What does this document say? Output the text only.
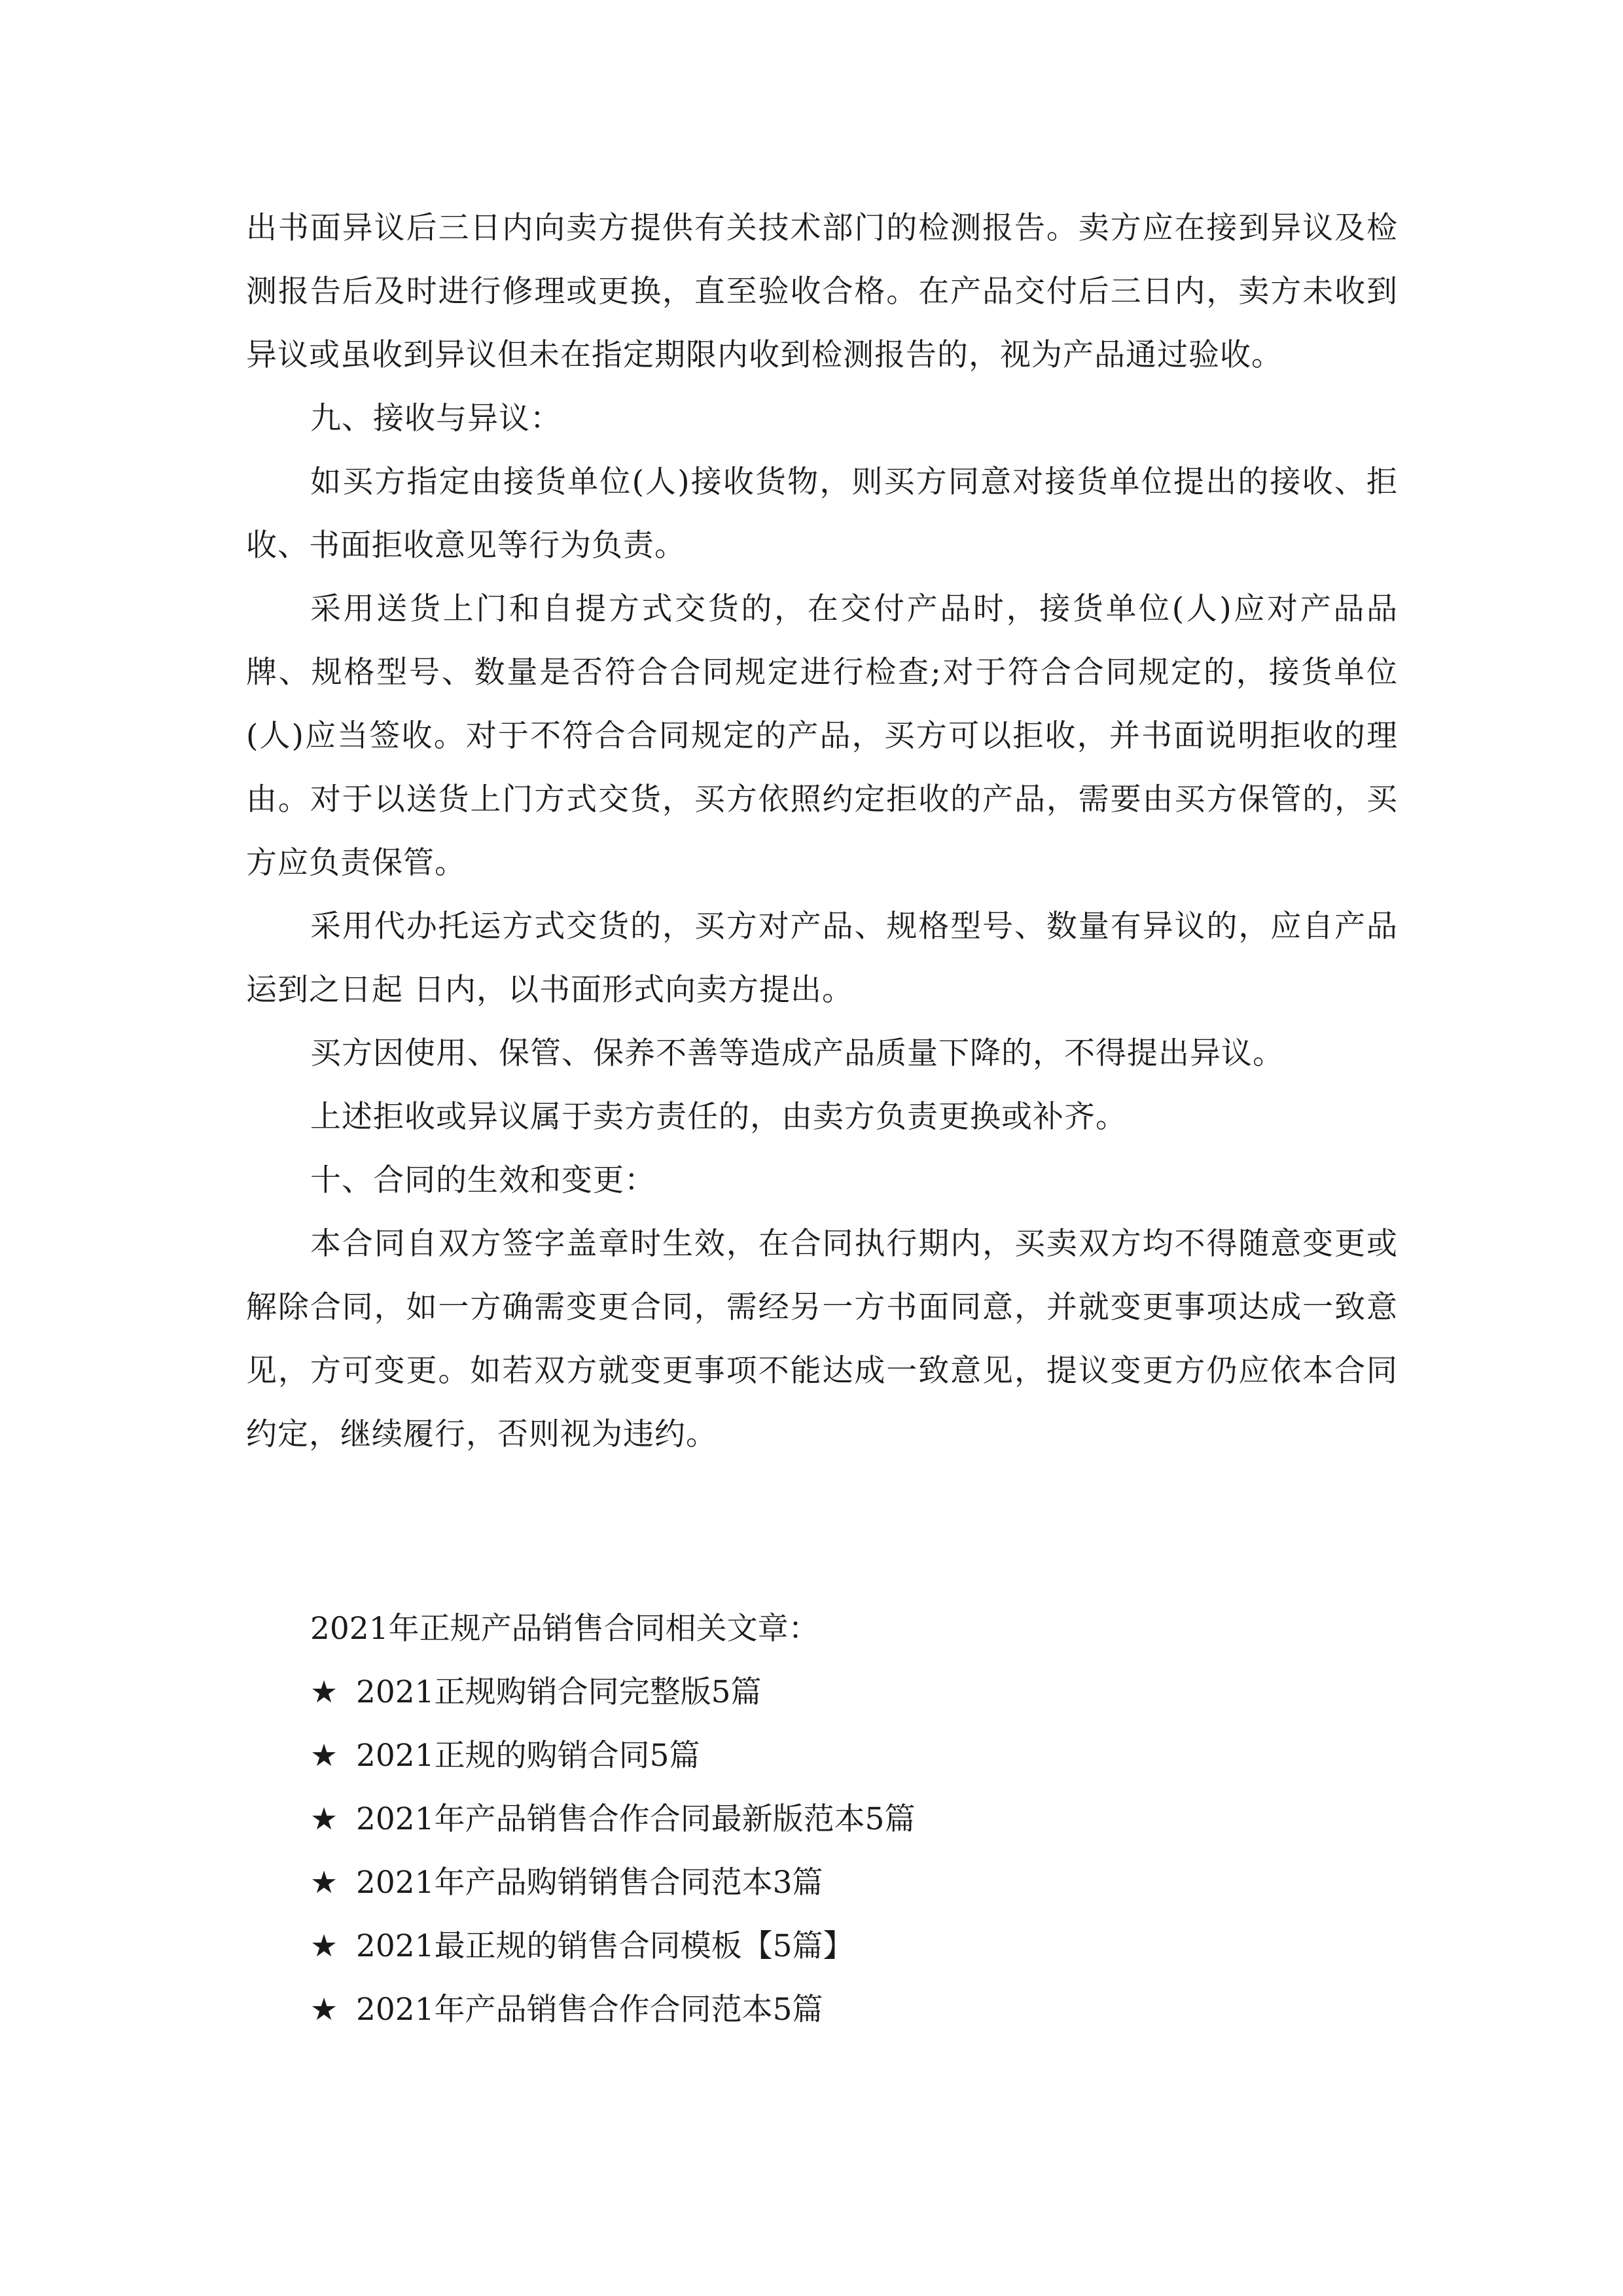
出书面异议后三日内向卖方提供有关技术部门的检测报告。卖方应在接到异议及检测报告后及时进行修理或更换，直至验收合格。在产品交付后三日内，卖方未收到异议或虽收到异议但未在指定期限内收到检测报告的，视为产品通过验收。

九、接收与异议：

如买方指定由接货单位(人)接收货物，则买方同意对接货单位提出的接收、拒收、书面拒收意见等行为负责。

采用送货上门和自提方式交货的，在交付产品时，接货单位(人)应对产品品牌、规格型号、数量是否符合合同规定进行检查;对于符合合同规定的，接货单位(人)应当签收。对于不符合合同规定的产品，买方可以拒收，并书面说明拒收的理由。对于以送货上门方式交货，买方依照约定拒收的产品，需要由买方保管的，买方应负责保管。

采用代办托运方式交货的，买方对产品、规格型号、数量有异议的，应自产品运到之日起 日内，以书面形式向卖方提出。

买方因使用、保管、保养不善等造成产品质量下降的，不得提出异议。

上述拒收或异议属于卖方责任的，由卖方负责更换或补齐。

十、合同的生效和变更：

本合同自双方签字盖章时生效，在合同执行期内，买卖双方均不得随意变更或解除合同，如一方确需变更合同，需经另一方书面同意，并就变更事项达成一致意见，方可变更。如若双方就变更事项不能达成一致意见，提议变更方仍应依本合同约定，继续履行，否则视为违约。

2021年正规产品销售合同相关文章：

★ 2021正规购销合同完整版5篇
★ 2021正规的购销合同5篇
★ 2021年产品销售合作合同最新版范本5篇
★ 2021年产品购销销售合同范本3篇
★ 2021最正规的销售合同模板【5篇】
★ 2021年产品销售合作合同范本5篇
